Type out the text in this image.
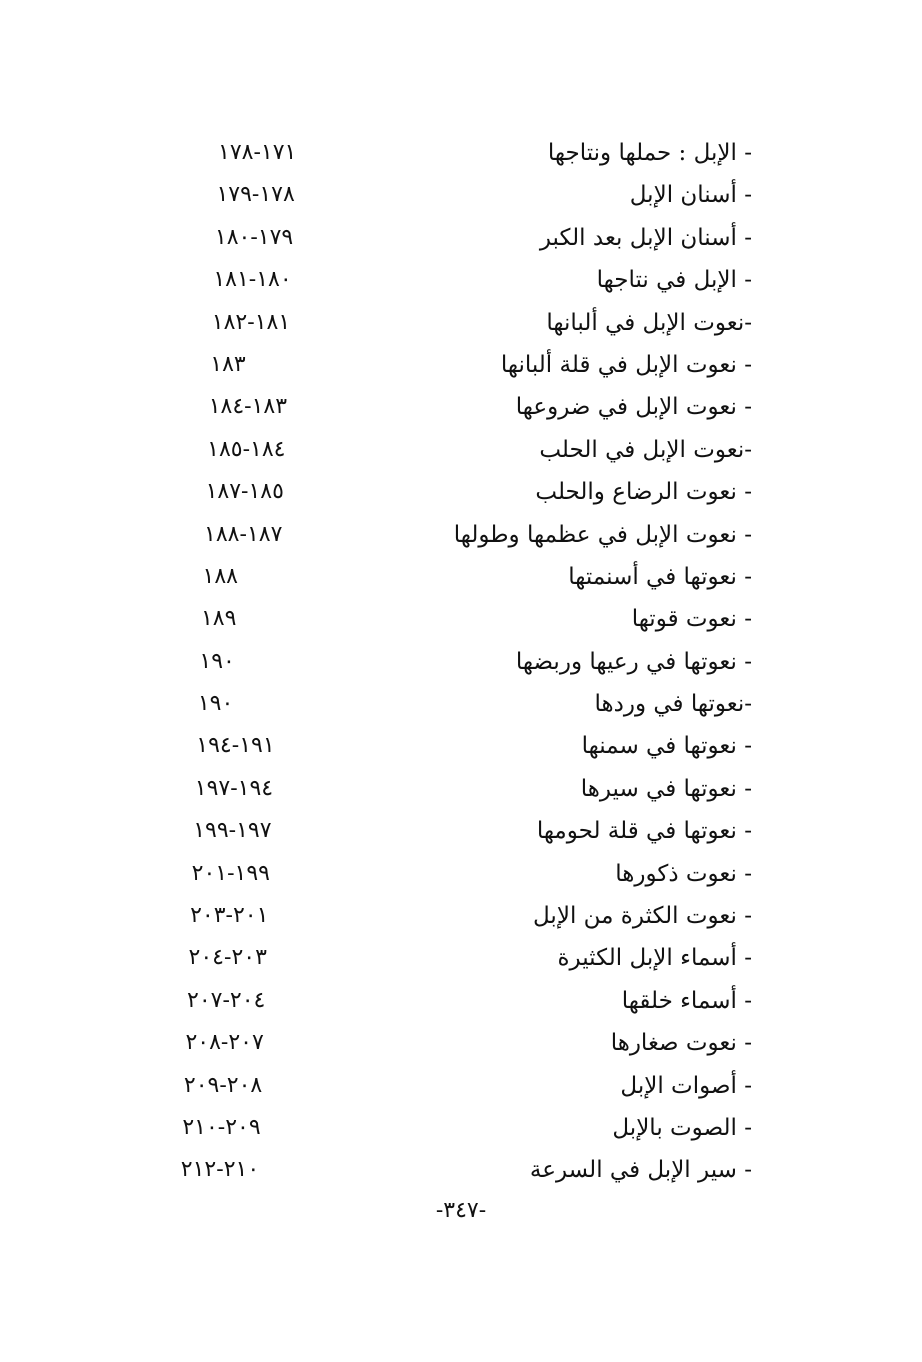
- الإبل : حملها ونتاجها
١٧١-١٧٨
- أسنان الإبل
١٧٨-١٧٩
- أسنان الإبل بعد الكبر
١٧٩-١٨٠
- الإبل في نتاجها
١٨٠-١٨١
-نعوت الإبل في ألبانها
١٨١-١٨٢
- نعوت الإبل في قلة ألبانها
١٨٣
- نعوت الإبل في ضروعها
١٨٣-١٨٤
-نعوت الإبل في الحلب
١٨٤-١٨٥
- نعوت الرضاع والحلب
١٨٥-١٨٧
- نعوت الإبل في عظمها وطولها
١٨٧-١٨٨
- نعوتها في أسنمتها
١٨٨
- نعوت قوتها
١٨٩
- نعوتها في رعيها وربضها
١٩٠
-نعوتها في وردها
١٩٠
- نعوتها في سمنها
١٩١-١٩٤
- نعوتها في سيرها
١٩٤-١٩٧
- نعوتها في قلة لحومها
١٩٧-١٩٩
- نعوت ذكورها
١٩٩-٢٠١
- نعوت الكثرة من الإبل
٢٠١-٢٠٣
- أسماء الإبل الكثيرة
٢٠٣-٢٠٤
- أسماء خلقها
٢٠٤-٢٠٧
- نعوت صغارها
٢٠٧-٢٠٨
- أصوات الإبل
٢٠٨-٢٠٩
- الصوت بالإبل
٢٠٩-٢١٠
- سير الإبل في السرعة
٢١٠-٢١٢
-٣٤٧-
